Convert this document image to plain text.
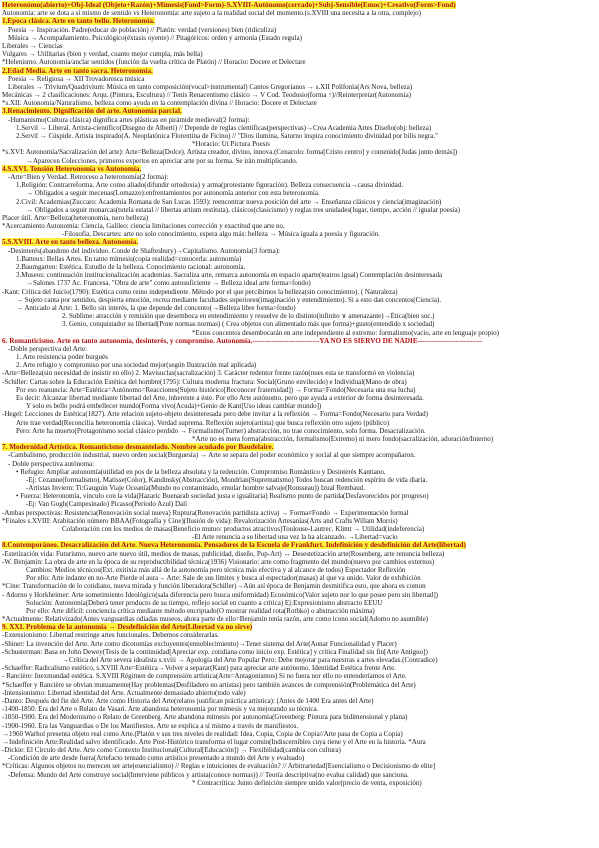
Heteronómo(abierto)+Obj-Ideal (Objeto+Razón)+Mímesis(Fond>Form)-S.XVIII-Autónomo(cerrado)+Subj-Sensible(Emoc)+Creativo(Form>Fond)
Autonomía: arte se dota a sí mismo de sentido vs Heteronomía: arte sujeto a la realidad social del momento.(s.XVIII una necesita a la otra, complejo)
1.Época clásica. Arte en tanto bello. Heteronomía.
Poesía → Inspiración. Padre(educar de población) // Platón: verdad (versiones) bien (ridiculiza)
Música → Acompañamiento. Psicológico(éxtasis oyente) // Pitagóricos: orden y armonía (Estado regula)
Liberales → Ciencias
Vulgares → Utilitarias (bien y verdad, cuanto mejor cumpla, más bella)
*Helenismo. Autonomía/anclar sentidos (función da vuelta crítica de Platón) // Horacio: Docere et Delectare
2.Edad Media. Arte en tanto sacra. Heteronomía.
Poesía → Religiosa → XII Trovadoresca música
Liberales → Trivium/Quadrivium: Música en tanto composición(vocal>instrumental) Cantos Gregorianos → s.XII Polifonía(Ars Nova, belleza)
Mecánicas → 2 clasificaciones: Arqu. (Pintura, Escultura) // Tenis Renacentismo clásico → V Cod. Teodosio(forma ↑)//Reinterpretar(Autonomía)
*s.XII: Autonomía/Naturalismo, belleza como ayuda en la contemplación divina // Horacio: Docere et Delectare
3.Renacimiento. Dignificación del arte. Autonomía parcial.
-Humanismo(Cultura clásica) dignifica artes plásticas en pirámide medieval(2 forma):
1.Servil → Liberal. Artista-científico(Disegno de Alberti) // Depende de reglas científicas(perspectivas)→Crea Academia Artes Diseño(obj: belleza)
2.Servil → Cúspide. Artista inspirado(A. Neoplatónica Florentina de Ficino) // "Dios ilumina, Saturno inspira conocimiento divinidad por bilis negra."
*Horacio: Ut Pictura Poesis
*s.XVI: Autonomía/Sacralización del arte): Arte=Belleza(Dolce). Artista creador, divino, innova.(Cenacolo: forma[Cristo centro] y contenido[Judas junto demás])
→Aparecen Colecciones, primeros expertos en apreciar arte por su forma. Se irán multiplicando.
4.S.XVI. Tensión Heteronomía vs Autonomía.
-Arte=Bien y Verdad. Retroceso a heteronomía(2 forma):
1.Religión: Contrarreforma. Arte como aliado(difundir ortodoxia) y arma(protestante figuración). Belleza consecuencia→causa divinidad.
→ Obligados a seguir mecenas(Lomazzo):enfrentamientos por autonomía anterior con esta heteronomía.
2.Civil: Academias(Zuccaro: Academia Romana de San Lucas 1593): reencontrar nueva posición del arte → Enseñanza clásicos y ciencia(imaginación)
→ Obligados a seguir monarcas(tutela estatal // libertas artium restituta), clásicos(clasicismo) y reglas tres unidades(lugar, tiempo, acción // igualar poesía)
Placer útil. Arte=Belleza(heteronomía, nero belleza)
*Acercamiento Autonomía: Ciencia, Galileo: ciencia limitaciones corrección y exactitud que arte no.
-Filosofía, Descartes: arte no solo conocimiento, espera algo más: belleza → Música iguala a poesía y figuración.
5.S.XVIII. Arte en tanto belleza. Autonomía.
-Desinterés(abandono del individuo. Conde de Shaftesbury)→Capitalismo. Autonomía(3 forma):
1.Batteux: Bellas Artes. En tanto mímesis(copia realidad=conocerla: autonomía)
2.Baumgarten: Estética. Estudio de la belleza. Conocimiento racional: autonomía.
3.Museos: continuación institucionalización academias. Sacraliza arte, remarca autonomía en espacio aparte(teatros igual) Contemplación desinteresada
→Salones 1737 Ac. Francesa. "Obra de arte" como autosuficiente → Belleza ideal arte forma>fondo)
-Kant: Crítica del Juicio(1790): Estética como reino independiente. Método por el que percibimos la belleza(sin conocimiento). ( Naturaleza)
→ Sujeto canta por sentidos, despierta emoción, recrea mediante facultades superiores(imaginación y entendimiento). Si a esto dan concentos(Ciencia).
→ Anticado al Arte: 1. Bello sin interés, la que depende del concento(→Belleza libre forma>fondo)
2. Sublime: atracción y remisión que desemboca en entendimiento y resuelve de lo distinto(infinito ∨ amenazante)→Ética(bien soc.)
3. Genio, conquistador su libertad(Pone normas normas) ( Crea objetos con alimentado más que forma)+gusto(entendido x sociedad)
*Estos concentos desembocarán en arte independiente al extremo: formalismo(vacío, arte en lenguaje propio)
6. Romanticismo. Arte en tanto autonomía, desinterés, y compromiso. Autonomía.----------------------------YA NO ES SIERVO DE NADIE---------------------------
-Doble perspectiva del Arte:
1. Arte resistencia poder burgués
2. Arte refugio y compromiso por una sociedad mejor(según Ilustración mal aplicada)
-Arte=Belleza(sin necesidad de insistir en ello) 2. Mavisuclas(sacralización) 3. Carácter redentor frente razón(nues esta se transformó en violencia)
-Schiller: Cartas sobre la Educación Estética del hombre(1795): Cultura moderna fractura: Social(Gruno envilecido) e Individual(Mano de obra)
Por eso reanuncia: Arte=Estética=Autónomo=Reacciones(Sujeto histórico[Reconocer fraternidad]) → Forma=Fondo(Necesaria una esa lucha)
Es decir: Alcanzar libertad mediante libertad del Arte, inherente a éste. Por ello Arte autónomo, pero que ayuda a exterior de forma desinteresada.
Y solo es bello podrá embellecer mundo(Forma vivo(Acuda)+Genio de Kant[Uso ideas cambiar mundo])
-Hegel: Lecciones de Estética(1827). Arte relacion sujeto-objeto desinteresada pero debe invitar a la reflexión → Forma=Fondo(Necesario para Verdad)
Arte trae verdad(Reconcilia heteronomía clásica). Verdad suprema. Reflexión sujeto(artista) que busca reflexión otro sujeto (público)
Pero: Arte ha muerto(Protagonismo social clásico perdido → Formalismo(Turner) abstracción, no trae conocimiento, solo forma. Desacralización.
*Arte no es mera forma(abstracción, formalismo(Extremo) ni mero fondo(sacralización, adoración/Interno)
7. Modernidad Artística. Romanticismo desmantelado. Nombre acuñado por Baudelaire.
-Cambalismo, producción industrial, nuevo orden social(Burguesía) → Arte se separa del poder económico y social al que siempre acompañaron.
- Doble perspectiva autónoma:
• Refugio: Ampliar autonomía(utilidad en pos de la belleza absoluta y la redención. Compromiso Romántico y Desinterés Kantiano.
-Ej: Cezanne(formalismo), Matisse(Color), Kandinsky(Abstracción), Mondrian(Suprematismo) Todos buscan redención espíritu de vida diaria.
-Artistas Inviern: Ti:Gauguin Viaje Oceanía(Mundo no contaminado, emular hombre salvaje(Rousseau)) Izual Rembaud.
• Fuerza: Heteronomía, vinculo con la vida(Hazaric Buenarab sociedad justa e igualitaria) Realismo punto de partida(Desfavorecidos por progreso)
-Ej: Van Gogh(Campesinado) Picasso(Periodo Azul) Dalí
-Ambas perspectivas: Resistencia(Renovación social nueva) Ruptura(Renovación partidista activa) → Forma≠Fondo → Experimentación formal
*Finales s.XVIII: Arabitación número BBAA(Fotografía y Cine)(Ilusión de vida): Revalorización Artesanías(Arts and Crafts Willam Morris)
Colaboración con los medios de masas(Beneficio mutuo: productos atractivos)Toulouse-Lautrec. Klimt → Utilidad(indeferencia)
-El Arte renuncia a su libertad una vez la ha alcanzado. →Libertad=vacío
8.Contemporáneo. Desacralización del Arte. Nueva Heteronomía. Pensadores de la Escuela de Frankfurt. Indefinición y desdefinición del Arte(libertad)
-Estetización vida: Futurismo, nuevo arte nuevo útil, medios de masas, publicidad, diseño, Pop-Art) ↔ Desestetización arte(Rosenberg, arte renuncia belleza)
-W. Benjamin: La obra de arte en la época de su reproductibilidad técnica(1936) Visionario: arte como fragmento del mundo(nuevo por cambios externos)
Cambios: Medios técnicos(Ext. exitixia más allá de la autonomía pero técnica más efectiva y al alcance de todos) Espectador Reflexión
Por ello: Arte índante en no-Arte Pierde el aura→ Arte: Sale de sus límites y busca al espectador(masas) al que va unido. Valor de exhibición
*Cine: Transformación de lo cotidiano, nueva mirada y función liberadora(Schiller)→Aún así época de Benjamin desmitifica esto, que ahora es comun
- Adorno y Horkheimer: Arte sometimiento Ideológico(sala diferencia pero busca uniformidad) Económico(Valor sujeto nor lo que posee pero sin libertad])
Solución: Autonomía(Deberá tener producto de su tiempo, reflejo social en cuanto a crítica) Ej:Expresionismo abstracto EEUU
Por ello: Arte difícil: conciencia crítica mediante método encriptado(O mostrar realidad rota(Rothko) o abstracción máxima)
*Actualmente: Relativizado(Antes vanguardias odiadas museos, ahora parte de ello=Benjamín tenía razón, arte como icono social(Adorno no asumible)
9. XXI. Problema de la autonomía → Desdefinición del Arte(Libertad va no sirve)
-Extensionismo: Libertad restringe artes funcionales. Debemos considerarlas.
-Shiner: La invención del Arte. Arte como dicotomías excluyentes(ennoblecimiento)→Tener sistema del Arte(Aunar Funcionalidad y Placer)
-Schusterman: Basa en John Dewey(Tesis de la continuidad[Apreciar exp. cotidiana como inicio exp. Estética] y crítica Finalidad sin fin[Arte Antiguo])
→Crítica del Arte severa idealista s.xviii → Apología del Arte Popular Pero: Debe mejorar para nuestras a artes elevadas.(Contradice)
-Schaeffer: Radicalismo estético, s.XVIII Arte=Estética→Volver a separar(Kant) para apreciar arte autónomo. Identidad Estética frente Arte.
- Rancière: Inexmundad estética. S.XVIII Régimen de comprensión artística(Arte=Antagonismos) Si no fuera nor ello no entenderíamos el Arte.
*Schaeffer y Rancière se obvian mutuamente(Hay problemas(Desfiladero no artistas) pero también avances de comprensión(Problemática del Arte)
-Intensionismo: Libertad identidad del Arte. Actualmente demasiado abierto(todo vale)
-Danto: Después del fin del Arte. Arte como Historia del Arte(relatos justifican práctica artística): (Antes de 1400 Era antes del Arte)
-1400-1850. Era del Arte o Relato de Vasari. Arte abandona heteronomía por mímesis y va mejorando su técnica.
-1850-1900. Era del Modernismo o Relato de Greenberg. Arte abandona mímesis por autonomía(Greenberg: Pintura para bidimensional y plana)
-1900-1960. Era las Vanguardias o De los Manifiestos. Arte se explica a sí mismo a través de manifiestos.
→1960 Warhol presenta objeto real como Arte.(Platón v sus tres niveles de realidad: Idea, Copia, Copia de Copia//Arte pasa de Copia a Copia)
→Indefinición Arte:Realidad salvo identificado. Arte Post-Histórico transforma el lugar común(Indiscernibles cuya tiene y el Arte en la historia. *Aura
-Dickie: El Círculo del Arte. Arte como Contexto Institucional(Cultural[Educación]) → Flexibilidad(cambia con cultura)
-Condición de arte desde fuera(Artefacto tensado como artístico presentado a mundo del Arte y evaluado)
*Críticas: Algunos objetos no merecen ser arte(esencialismo) // Reglas e intuiciones de evaluación? // Arbitrariedad[Esencialismo o Decisionismo de elite]
-Defensa: Mundo del Arte construye social(Interviene públicos y artista(conoce normas)) // Teoría descriptiva(no evalua calidad) que sanciona.
* Contracrítica: Junto definición siempre unido valor(precio de venta, exposición)
